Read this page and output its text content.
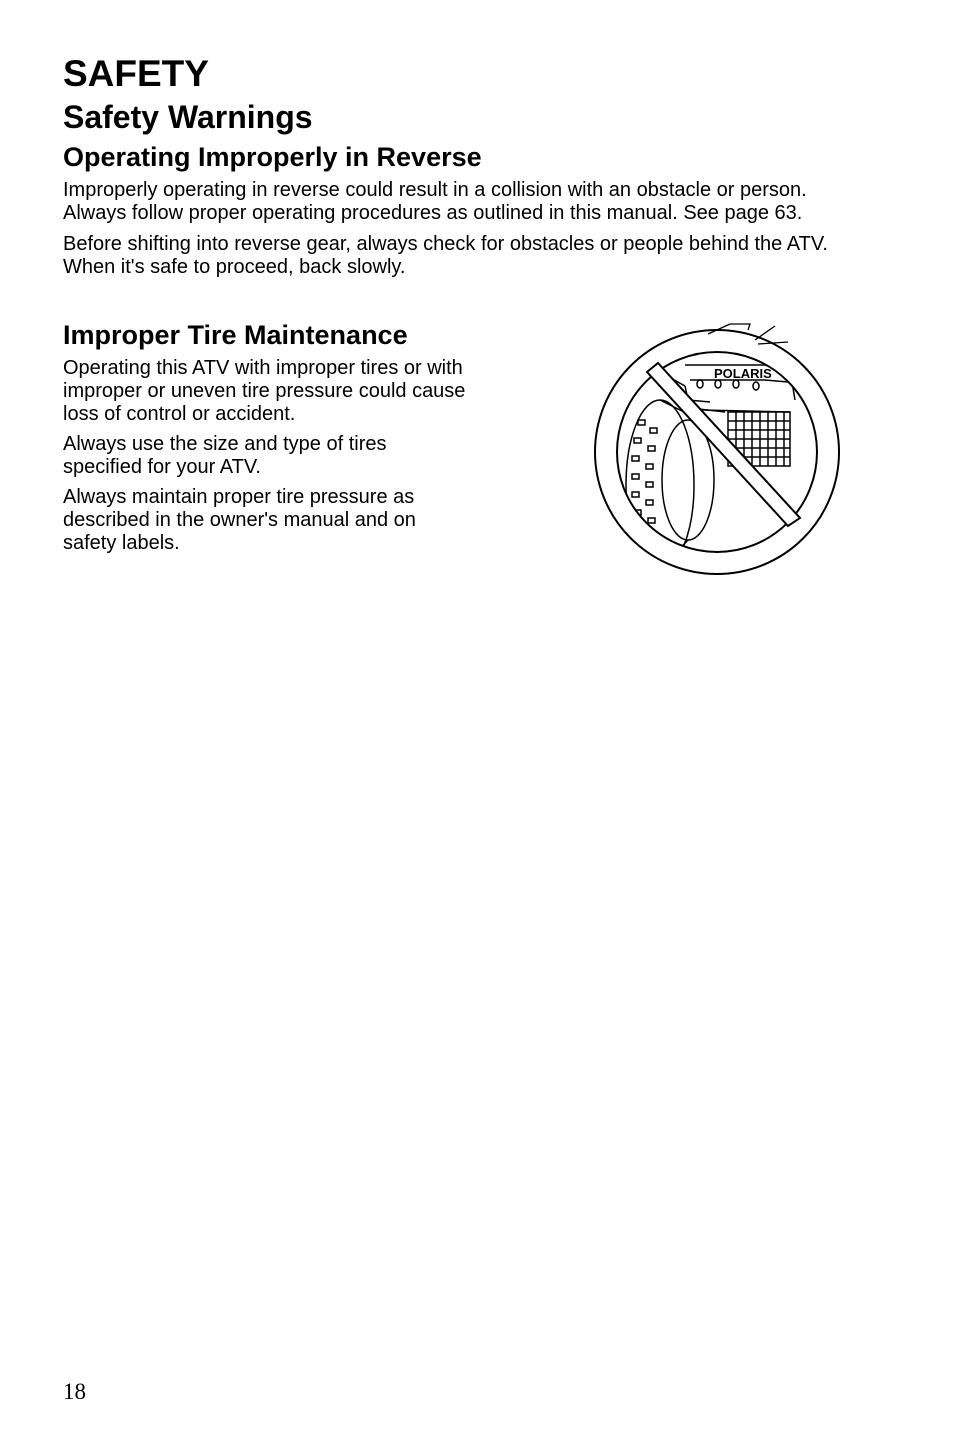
SAFETY
Safety Warnings
Operating Improperly in Reverse

Improperly operating in reverse could result in a collision with an obstacle or person. Always follow proper operating procedures as outlined in this manual. See page 63.

Before shifting into reverse gear, always check for obstacles or people behind the ATV. When it's safe to proceed, back slowly.

Improper Tire Maintenance

Operating this ATV with improper tires or with improper or uneven tire pressure could cause loss of control or accident.

Always use the size and type of tires specified for your ATV.

Always maintain proper tire pressure as described in the owner's manual and on safety labels.

POLARIS
18
